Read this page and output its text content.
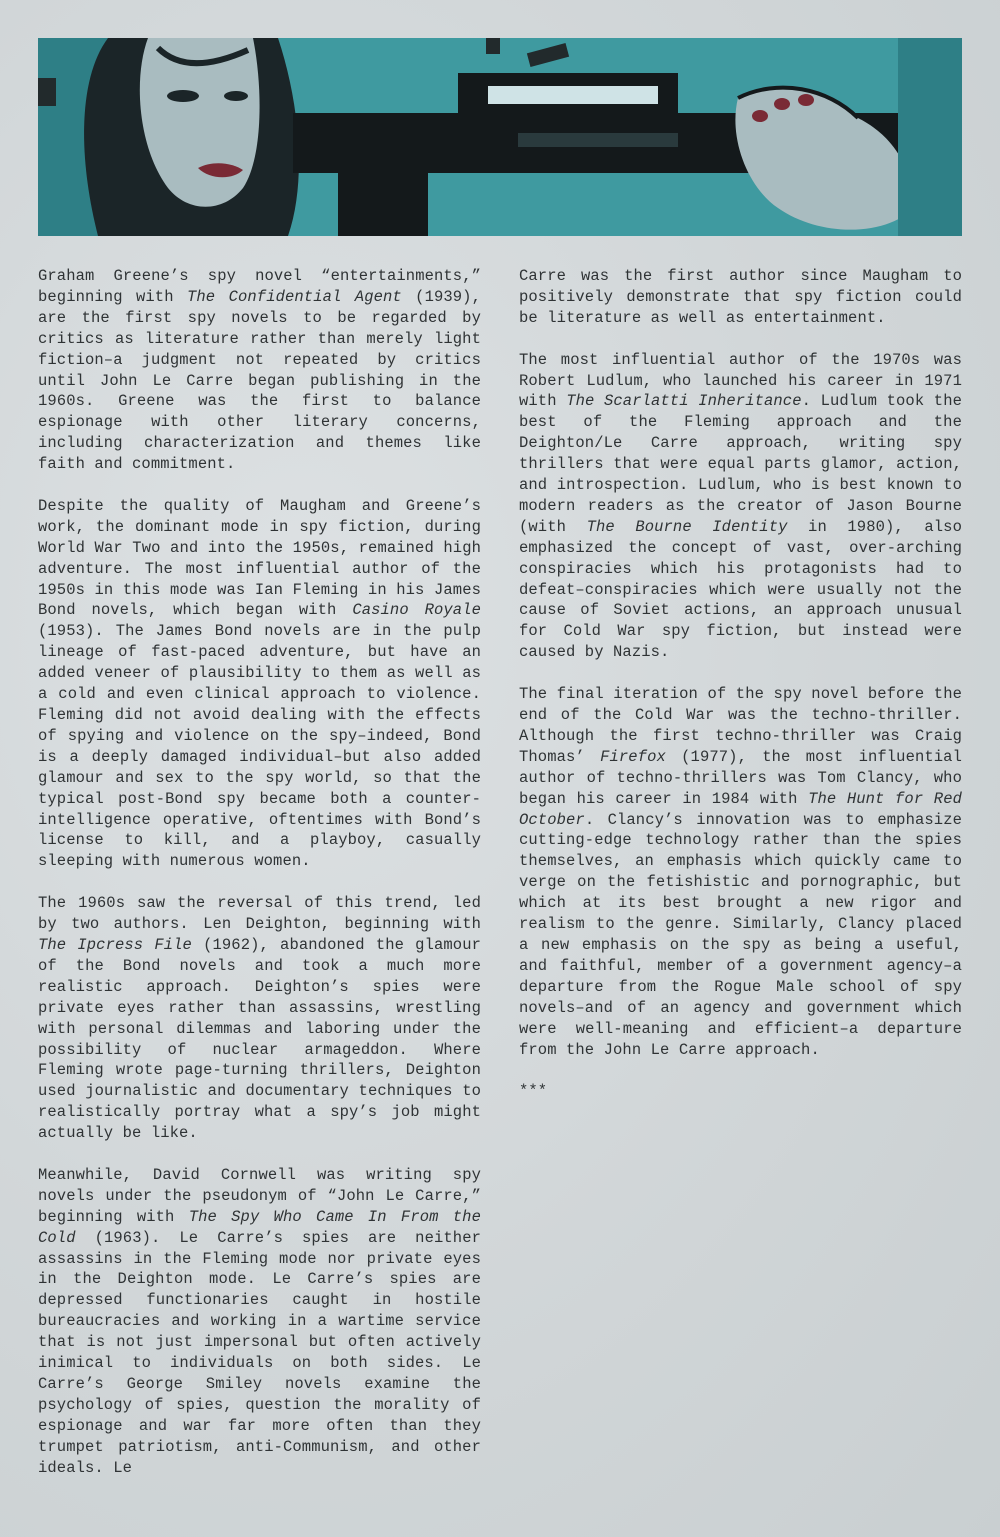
Graham Greene’s spy novel “entertainments,” beginning with The Confidential Agent (1939), are the first spy novels to be regarded by critics as literature rather than merely light fiction–a judgment not repeated by critics until John Le Carre began publishing in the 1960s. Greene was the first to balance espionage with other literary concerns, including characterization and themes like faith and commitment.

Despite the quality of Maugham and Greene’s work, the dominant mode in spy fiction, during World War Two and into the 1950s, remained high adventure. The most influential author of the 1950s in this mode was Ian Fleming in his James Bond novels, which began with Casino Royale (1953). The James Bond novels are in the pulp lineage of fast-paced adventure, but have an added veneer of plausibility to them as well as a cold and even clinical approach to violence. Fleming did not avoid dealing with the effects of spying and violence on the spy–indeed, Bond is a deeply damaged individual–but also added glamour and sex to the spy world, so that the typical post-Bond spy became both a counter-intelligence operative, oftentimes with Bond’s license to kill, and a playboy, casually sleeping with numerous women.

The 1960s saw the reversal of this trend, led by two authors. Len Deighton, beginning with The Ipcress File (1962), abandoned the glamour of the Bond novels and took a much more realistic approach. Deighton’s spies were private eyes rather than assassins, wrestling with personal dilemmas and laboring under the possibility of nuclear armageddon. Where Fleming wrote page-turning thrillers, Deighton used journalistic and documentary techniques to realistically portray what a spy’s job might actually be like.

Meanwhile, David Cornwell was writing spy novels under the pseudonym of “John Le Carre,” beginning with The Spy Who Came In From the Cold (1963). Le Carre’s spies are neither assassins in the Fleming mode nor private eyes in the Deighton mode. Le Carre’s spies are depressed functionaries caught in hostile bureaucracies and working in a wartime service that is not just impersonal but often actively inimical to individuals on both sides. Le Carre’s George Smiley novels examine the psychology of spies, question the morality of espionage and war far more often than they trumpet patriotism, anti-Communism, and other ideals. Le

Carre was the first author since Maugham to positively demonstrate that spy fiction could be literature as well as entertainment.

The most influential author of the 1970s was Robert Ludlum, who launched his career in 1971 with The Scarlatti Inheritance. Ludlum took the best of the Fleming approach and the Deighton/Le Carre approach, writing spy thrillers that were equal parts glamor, action, and introspection. Ludlum, who is best known to modern readers as the creator of Jason Bourne (with The Bourne Identity in 1980), also emphasized the concept of vast, over-arching conspiracies which his protagonists had to defeat–conspiracies which were usually not the cause of Soviet actions, an approach unusual for Cold War spy fiction, but instead were caused by Nazis.

The final iteration of the spy novel before the end of the Cold War was the techno-thriller. Although the first techno-thriller was Craig Thomas’ Firefox (1977), the most influential author of techno-thrillers was Tom Clancy, who began his career in 1984 with The Hunt for Red October. Clancy’s innovation was to emphasize cutting-edge technology rather than the spies themselves, an emphasis which quickly came to verge on the fetishistic and pornographic, but which at its best brought a new rigor and realism to the genre. Similarly, Clancy placed a new emphasis on the spy as being a useful, and faithful, member of a government agency–a departure from the Rogue Male school of spy novels–and of an agency and government which were well-meaning and efficient–a departure from the John Le Carre approach.

***
